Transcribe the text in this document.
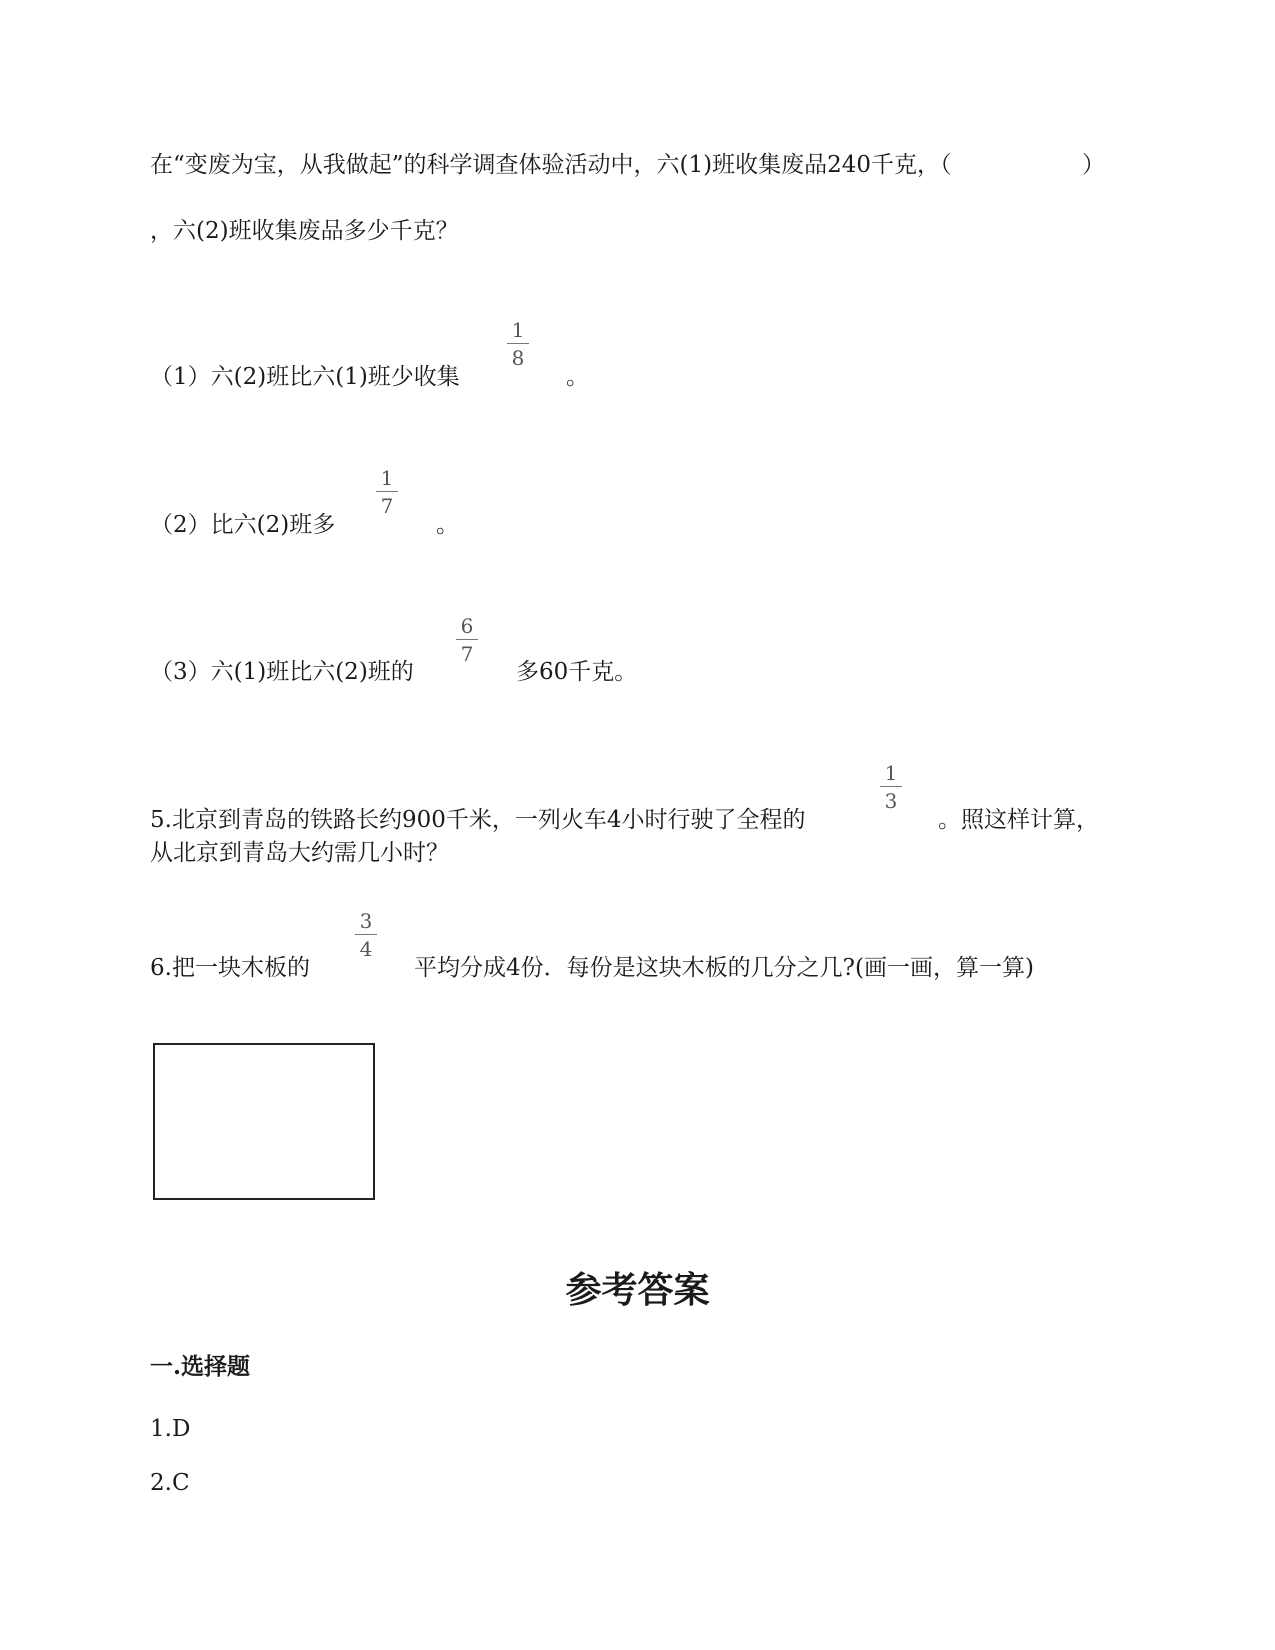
在“变废为宝，从我做起”的科学调查体验活动中，六(1)班收集废品240千克，（	）
，六(2)班收集废品多少千克？
（1）六(2)班比六(1)班少收集
1
8
。
（2）比六(2)班多
1
7
。
（3）六(1)班比六(2)班的
6
7
多60千克。
5.北京到青岛的铁路长约900千米，一列火车4小时行驶了全程的
1
3
。照这样计算，
从北京到青岛大约需几小时？
6.把一块木板的
3
4
平均分成4份．每份是这块木板的几分之几?(画一画，算一算)
参考答案
一.选择题
1.D
2.C
